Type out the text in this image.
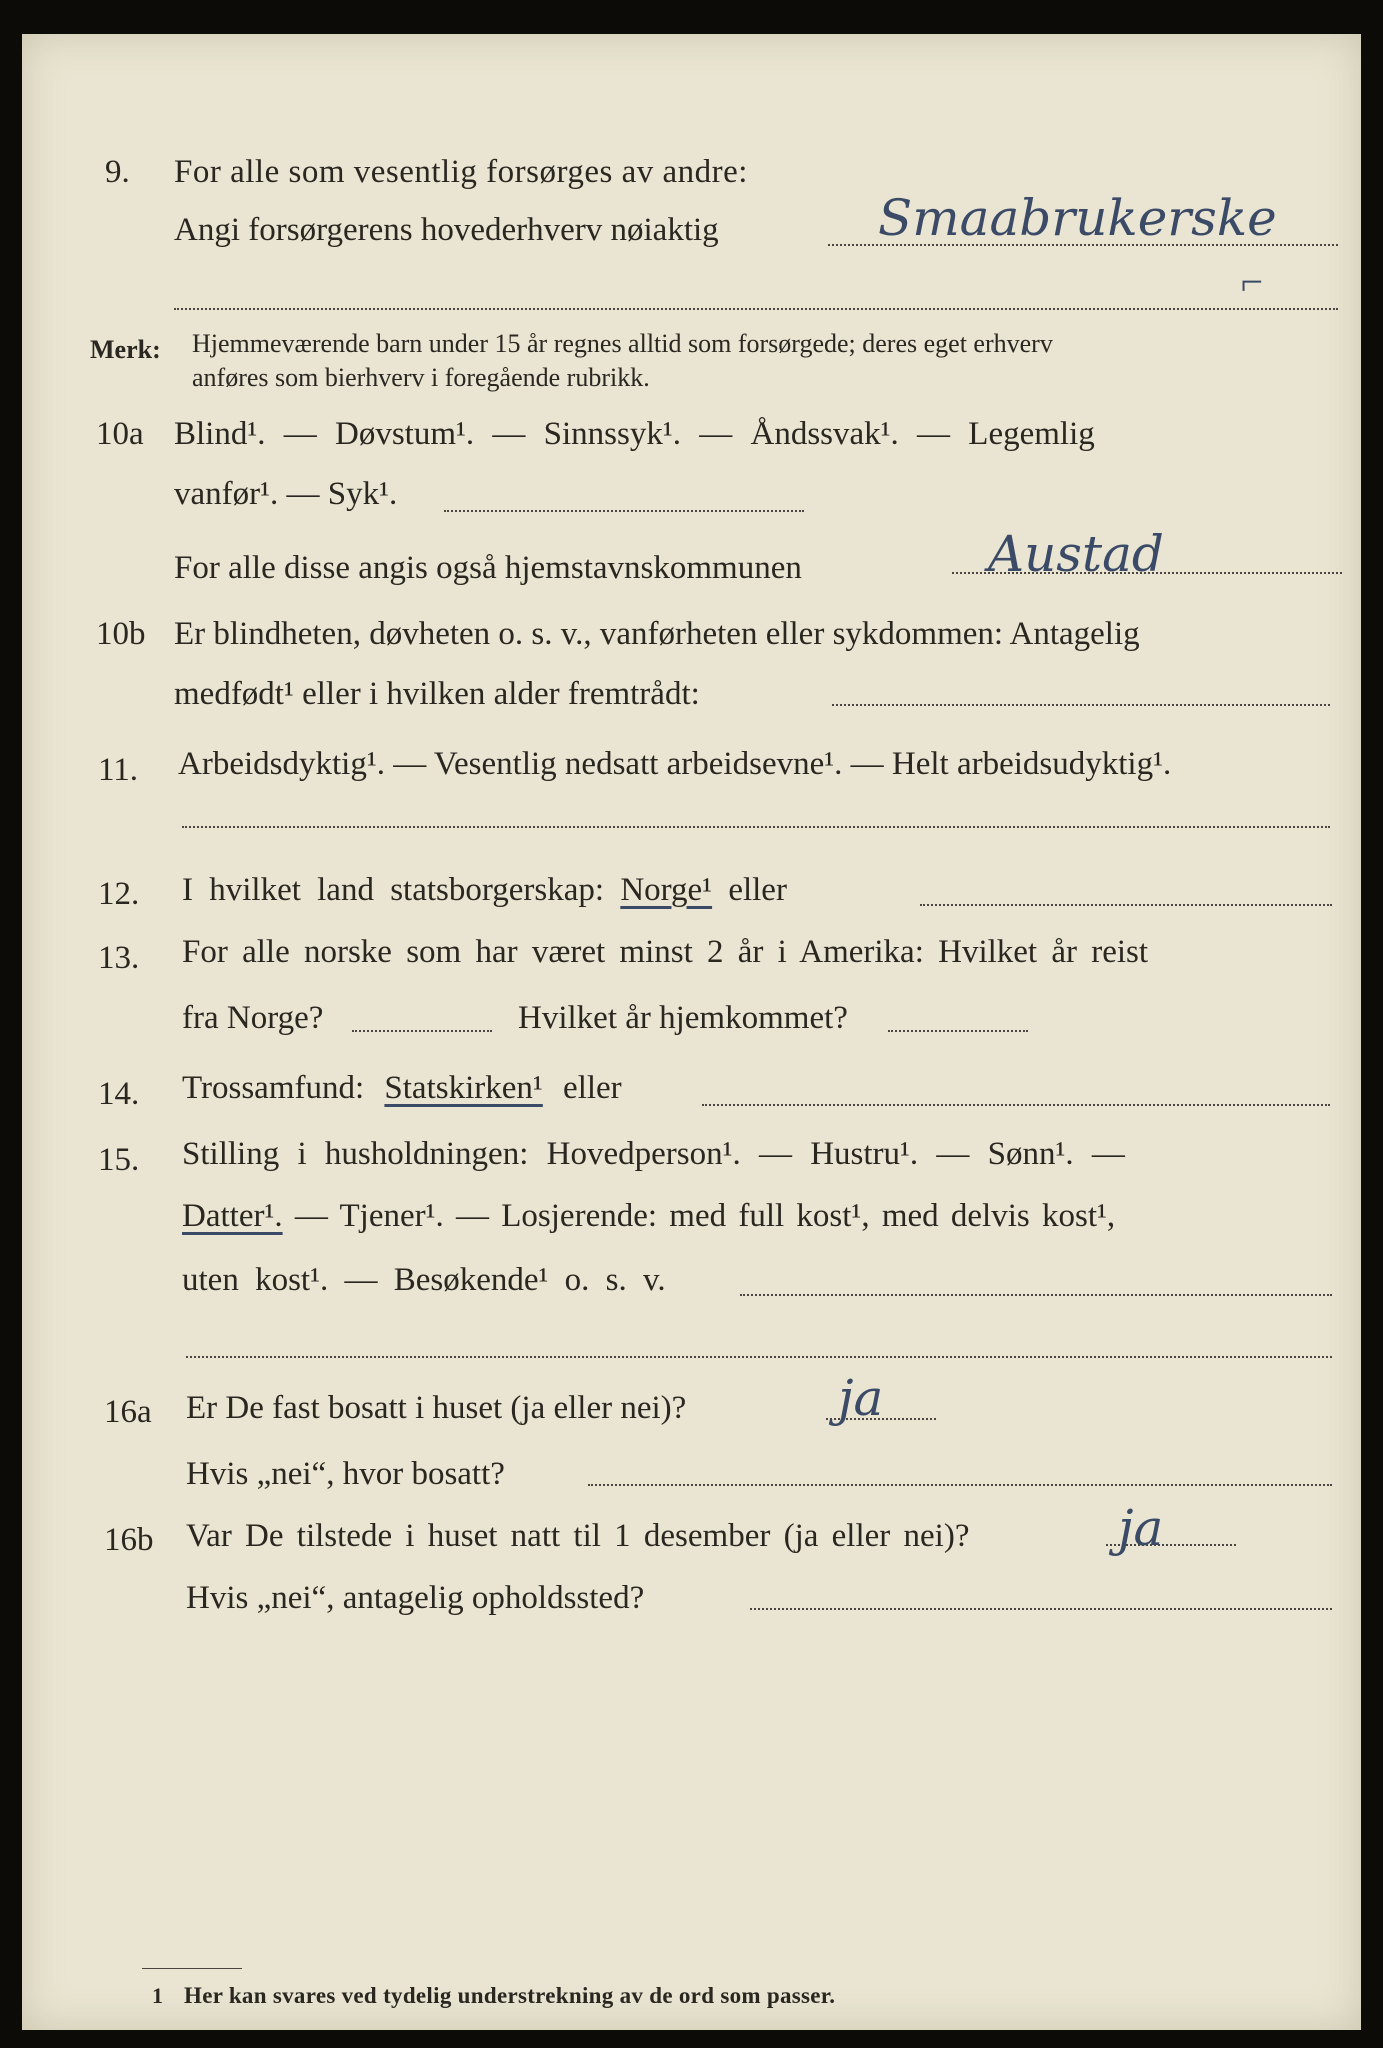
9. For alle som vesentlig forsørges av andre:
Angi forsørgerens hovederhverv nøiaktig	Smaabrukerske
⌐
Merk: Hjemmeværende barn under 15 år regnes alltid som forsørgede; deres eget erhverv
anføres som bierhverv i foregående rubrikk.
10a Blind¹. — Døvstum¹. — Sinnssyk¹. — Åndssvak¹. — Legemlig
vanfør¹. — Syk¹.
For alle disse angis også hjemstavnskommunen	Austad
10b Er blindheten, døvheten o. s. v., vanførheten eller sykdommen: Antagelig
medfødt¹ eller i hvilken alder fremtrådt:
11. Arbeidsdyktig¹. — Vesentlig nedsatt arbeidsevne¹. — Helt arbeidsudyktig¹.
12. I hvilket land statsborgerskap: Norge¹ eller
13. For alle norske som har været minst 2 år i Amerika: Hvilket år reist
fra Norge?	Hvilket år hjemkommet?
14. Trossamfund: Statskirken¹ eller
15. Stilling i husholdningen: Hovedperson¹. — Hustru¹. — Sønn¹. —
Datter¹. — Tjener¹. — Losjerende: med full kost¹, med delvis kost¹,
uten kost¹. — Besøkende¹ o. s. v.
16a Er De fast bosatt i huset (ja eller nei)?	ja
Hvis „nei“, hvor bosatt?
16b Var De tilstede i huset natt til 1 desember (ja eller nei)?	ja
Hvis „nei“, antagelig opholdssted?
1 Her kan svares ved tydelig understrekning av de ord som passer.
